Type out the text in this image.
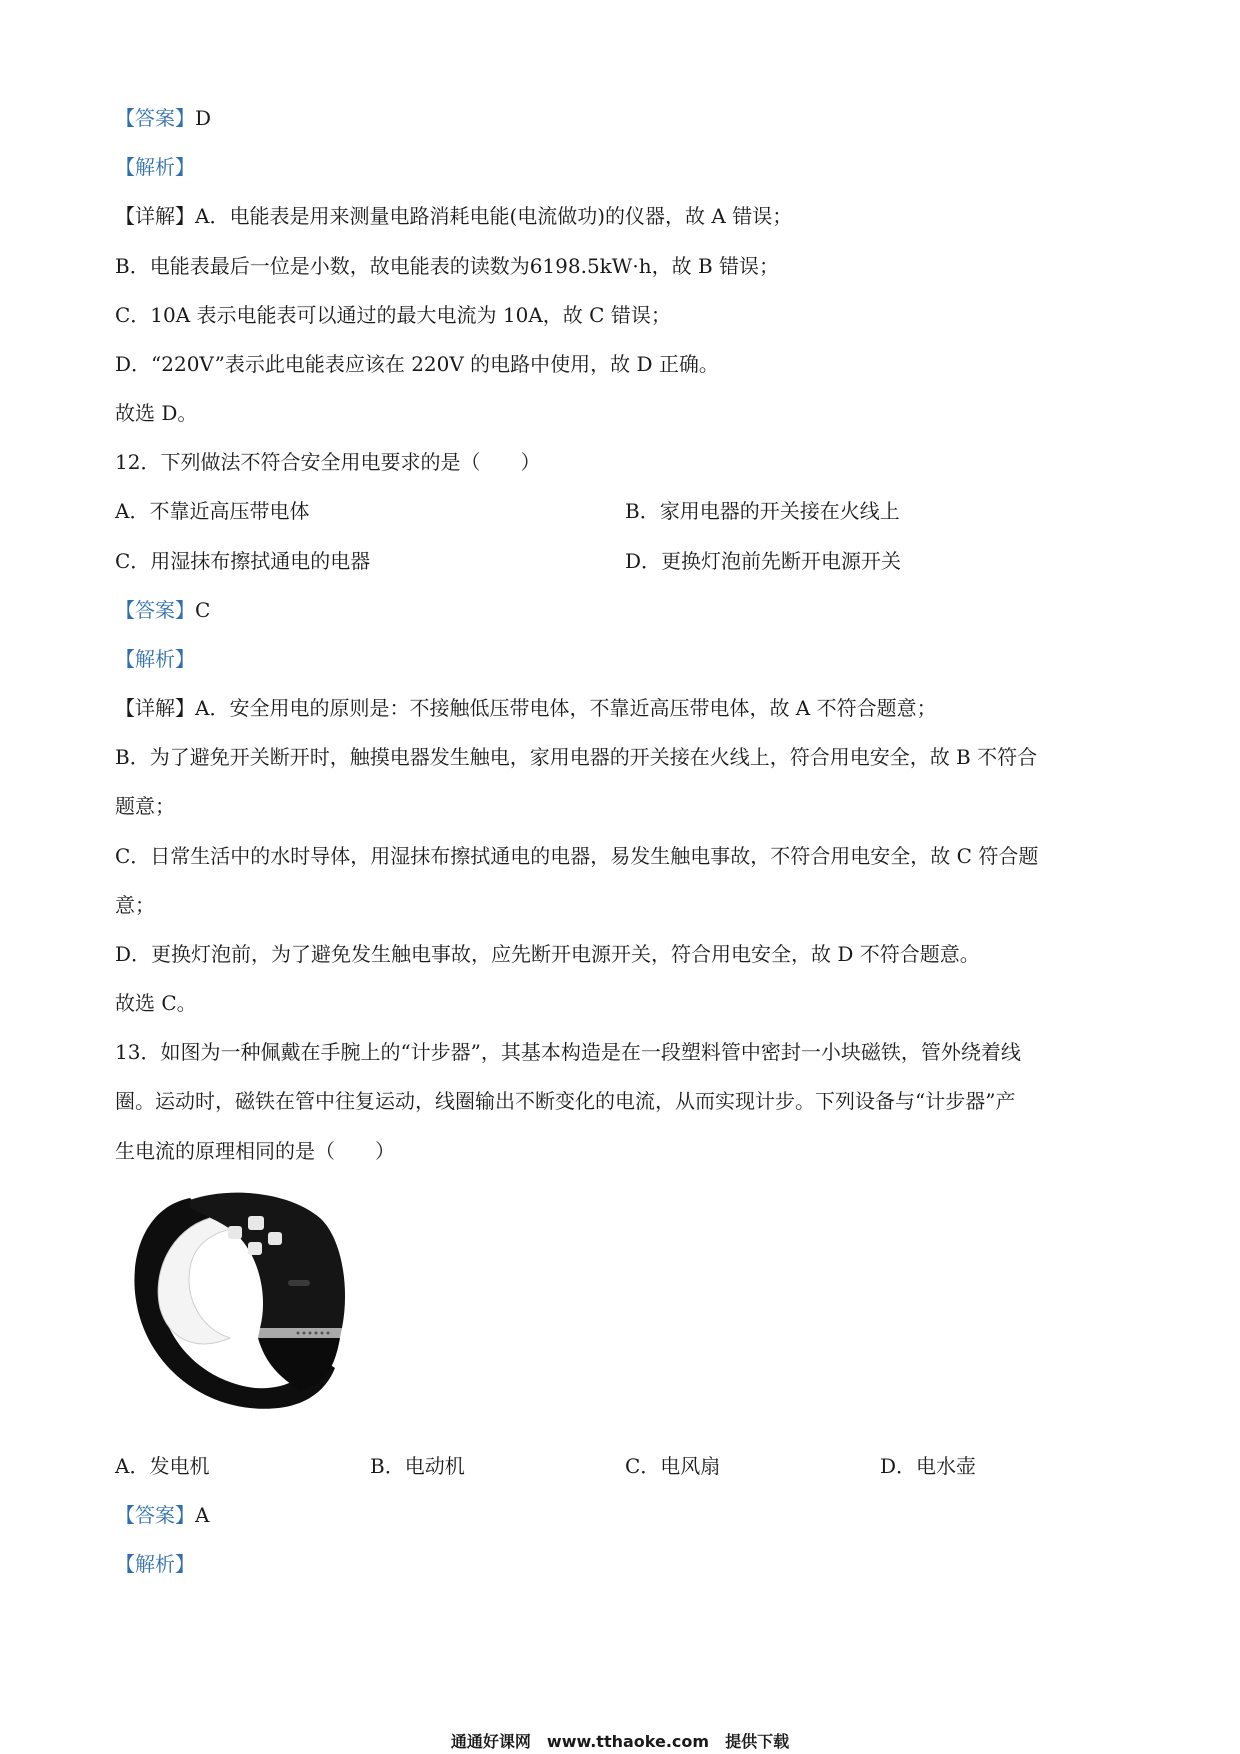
【答案】D
【解析】
【详解】A．电能表是用来测量电路消耗电能(电流做功)的仪器，故 A 错误；
B．电能表最后一位是小数，故电能表的读数为6198.5kW·h，故 B 错误；
C．10A 表示电能表可以通过的最大电流为 10A，故 C 错误；
D．“220V”表示此电能表应该在 220V 的电路中使用，故 D 正确。
故选 D。
12．下列做法不符合安全用电要求的是（　　）
A．不靠近高压带电体	B．家用电器的开关接在火线上
C．用湿抹布擦拭通电的电器	D．更换灯泡前先断开电源开关
【答案】C
【解析】
【详解】A．安全用电的原则是：不接触低压带电体，不靠近高压带电体，故 A 不符合题意；
B．为了避免开关断开时，触摸电器发生触电，家用电器的开关接在火线上，符合用电安全，故 B 不符合
题意；
C．日常生活中的水时导体，用湿抹布擦拭通电的电器，易发生触电事故，不符合用电安全，故 C 符合题
意；
D．更换灯泡前，为了避免发生触电事故，应先断开电源开关，符合用电安全，故 D 不符合题意。
故选 C。
13．如图为一种佩戴在手腕上的“计步器”，其基本构造是在一段塑料管中密封一小块磁铁，管外绕着线
圈。运动时，磁铁在管中往复运动，线圈输出不断变化的电流，从而实现计步。下列设备与“计步器”产
生电流的原理相同的是（　　）
A．发电机	B．电动机	C．电风扇	D．电水壶
【答案】A
【解析】
通通好课网　www.tthaoke.com　提供下载
